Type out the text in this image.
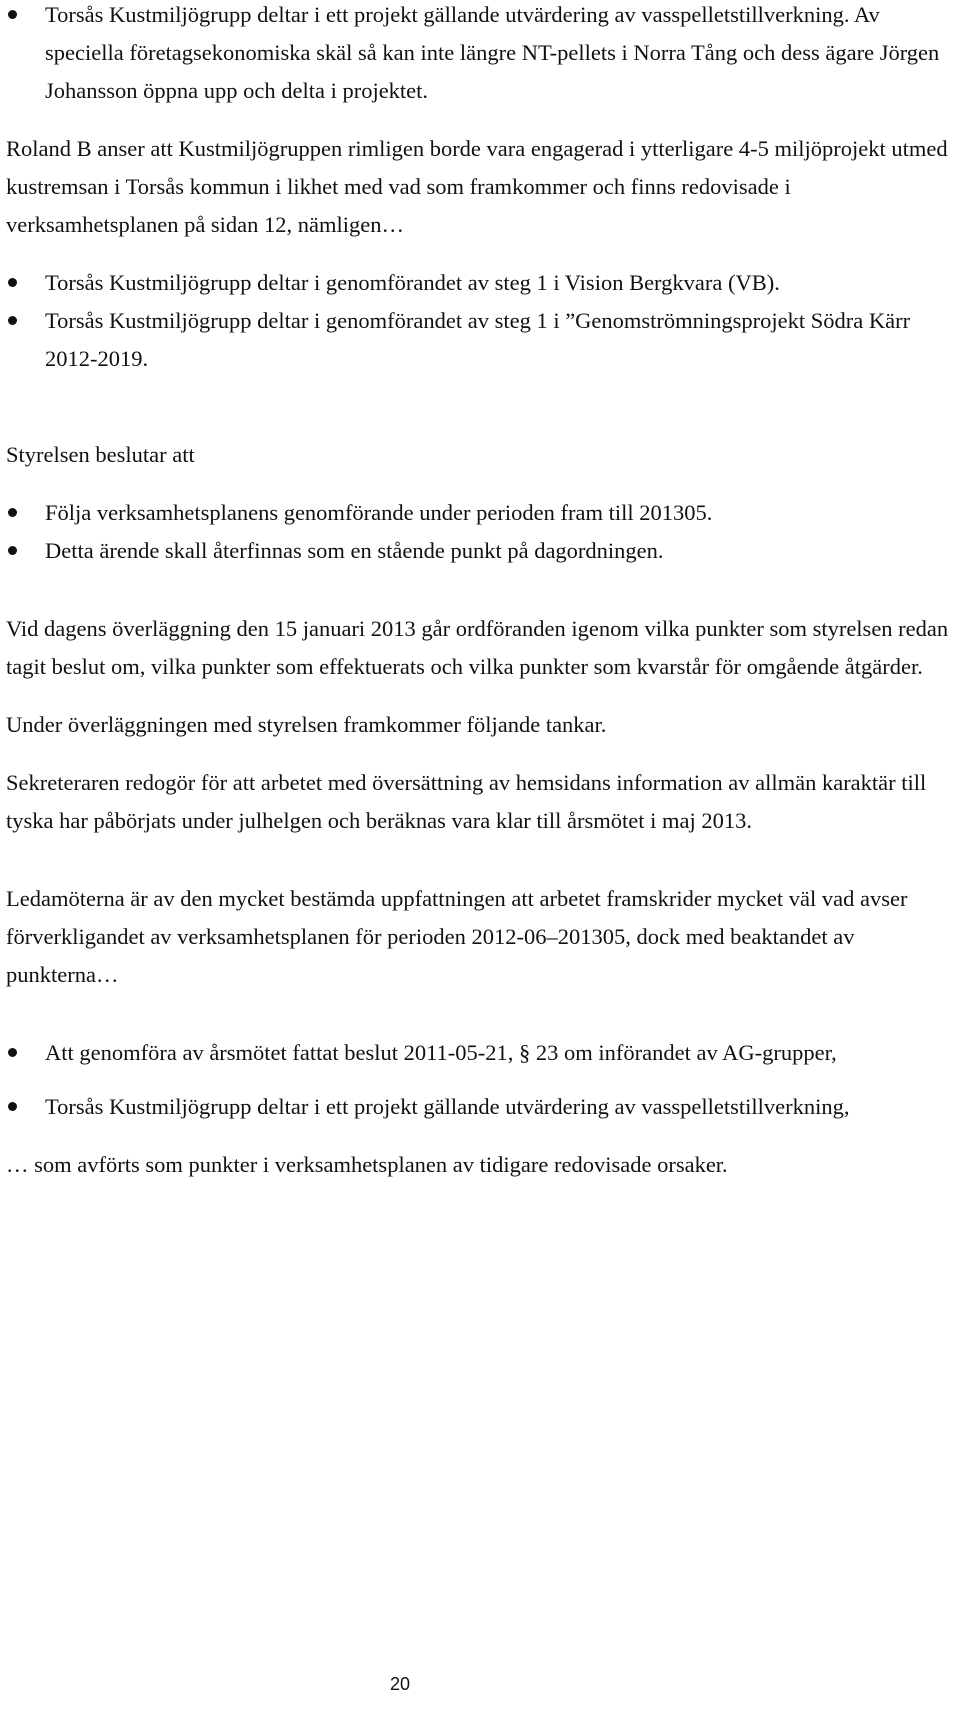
Torsås Kustmiljögrupp deltar i ett projekt gällande utvärdering av vasspelletstillverkning. Av speciella företagsekonomiska skäl så kan inte längre NT-pellets i Norra Tång och dess ägare Jörgen Johansson öppna upp och delta i projektet.

Roland B anser att Kustmiljögruppen rimligen borde vara engagerad i ytterligare 4-5 miljöprojekt utmed kustremsan i Torsås kommun i likhet med vad som framkommer och finns redovisade i verksamhetsplanen på sidan 12, nämligen…

Torsås Kustmiljögrupp deltar i genomförandet av steg 1 i Vision Bergkvara (VB).
Torsås Kustmiljögrupp deltar i genomförandet av steg 1 i ”Genomströmningsprojekt Södra Kärr 2012-2019.

Styrelsen beslutar att

Följa verksamhetsplanens genomförande under perioden fram till 201305.
Detta ärende skall återfinnas som en stående punkt på dagordningen.

Vid dagens överläggning den 15 januari 2013 går ordföranden igenom vilka punkter som styrelsen redan tagit beslut om, vilka punkter som effektuerats och vilka punkter som kvarstår för omgående åtgärder.

Under överläggningen med styrelsen framkommer följande tankar.

Sekreteraren redogör för att arbetet med översättning av hemsidans information av allmän karaktär till tyska har påbörjats under julhelgen och beräknas vara klar till årsmötet i maj 2013.

Ledamöterna är av den mycket bestämda uppfattningen att arbetet framskrider mycket väl vad avser förverkligandet av verksamhetsplanen för perioden 2012-06–201305, dock med beaktandet av punkterna…

Att genomföra av årsmötet fattat beslut 2011-05-21, § 23 om införandet av AG-grupper,
Torsås Kustmiljögrupp deltar i ett projekt gällande utvärdering av vasspelletstillverkning,

… som avförts som punkter i verksamhetsplanen av tidigare redovisade orsaker.

20
